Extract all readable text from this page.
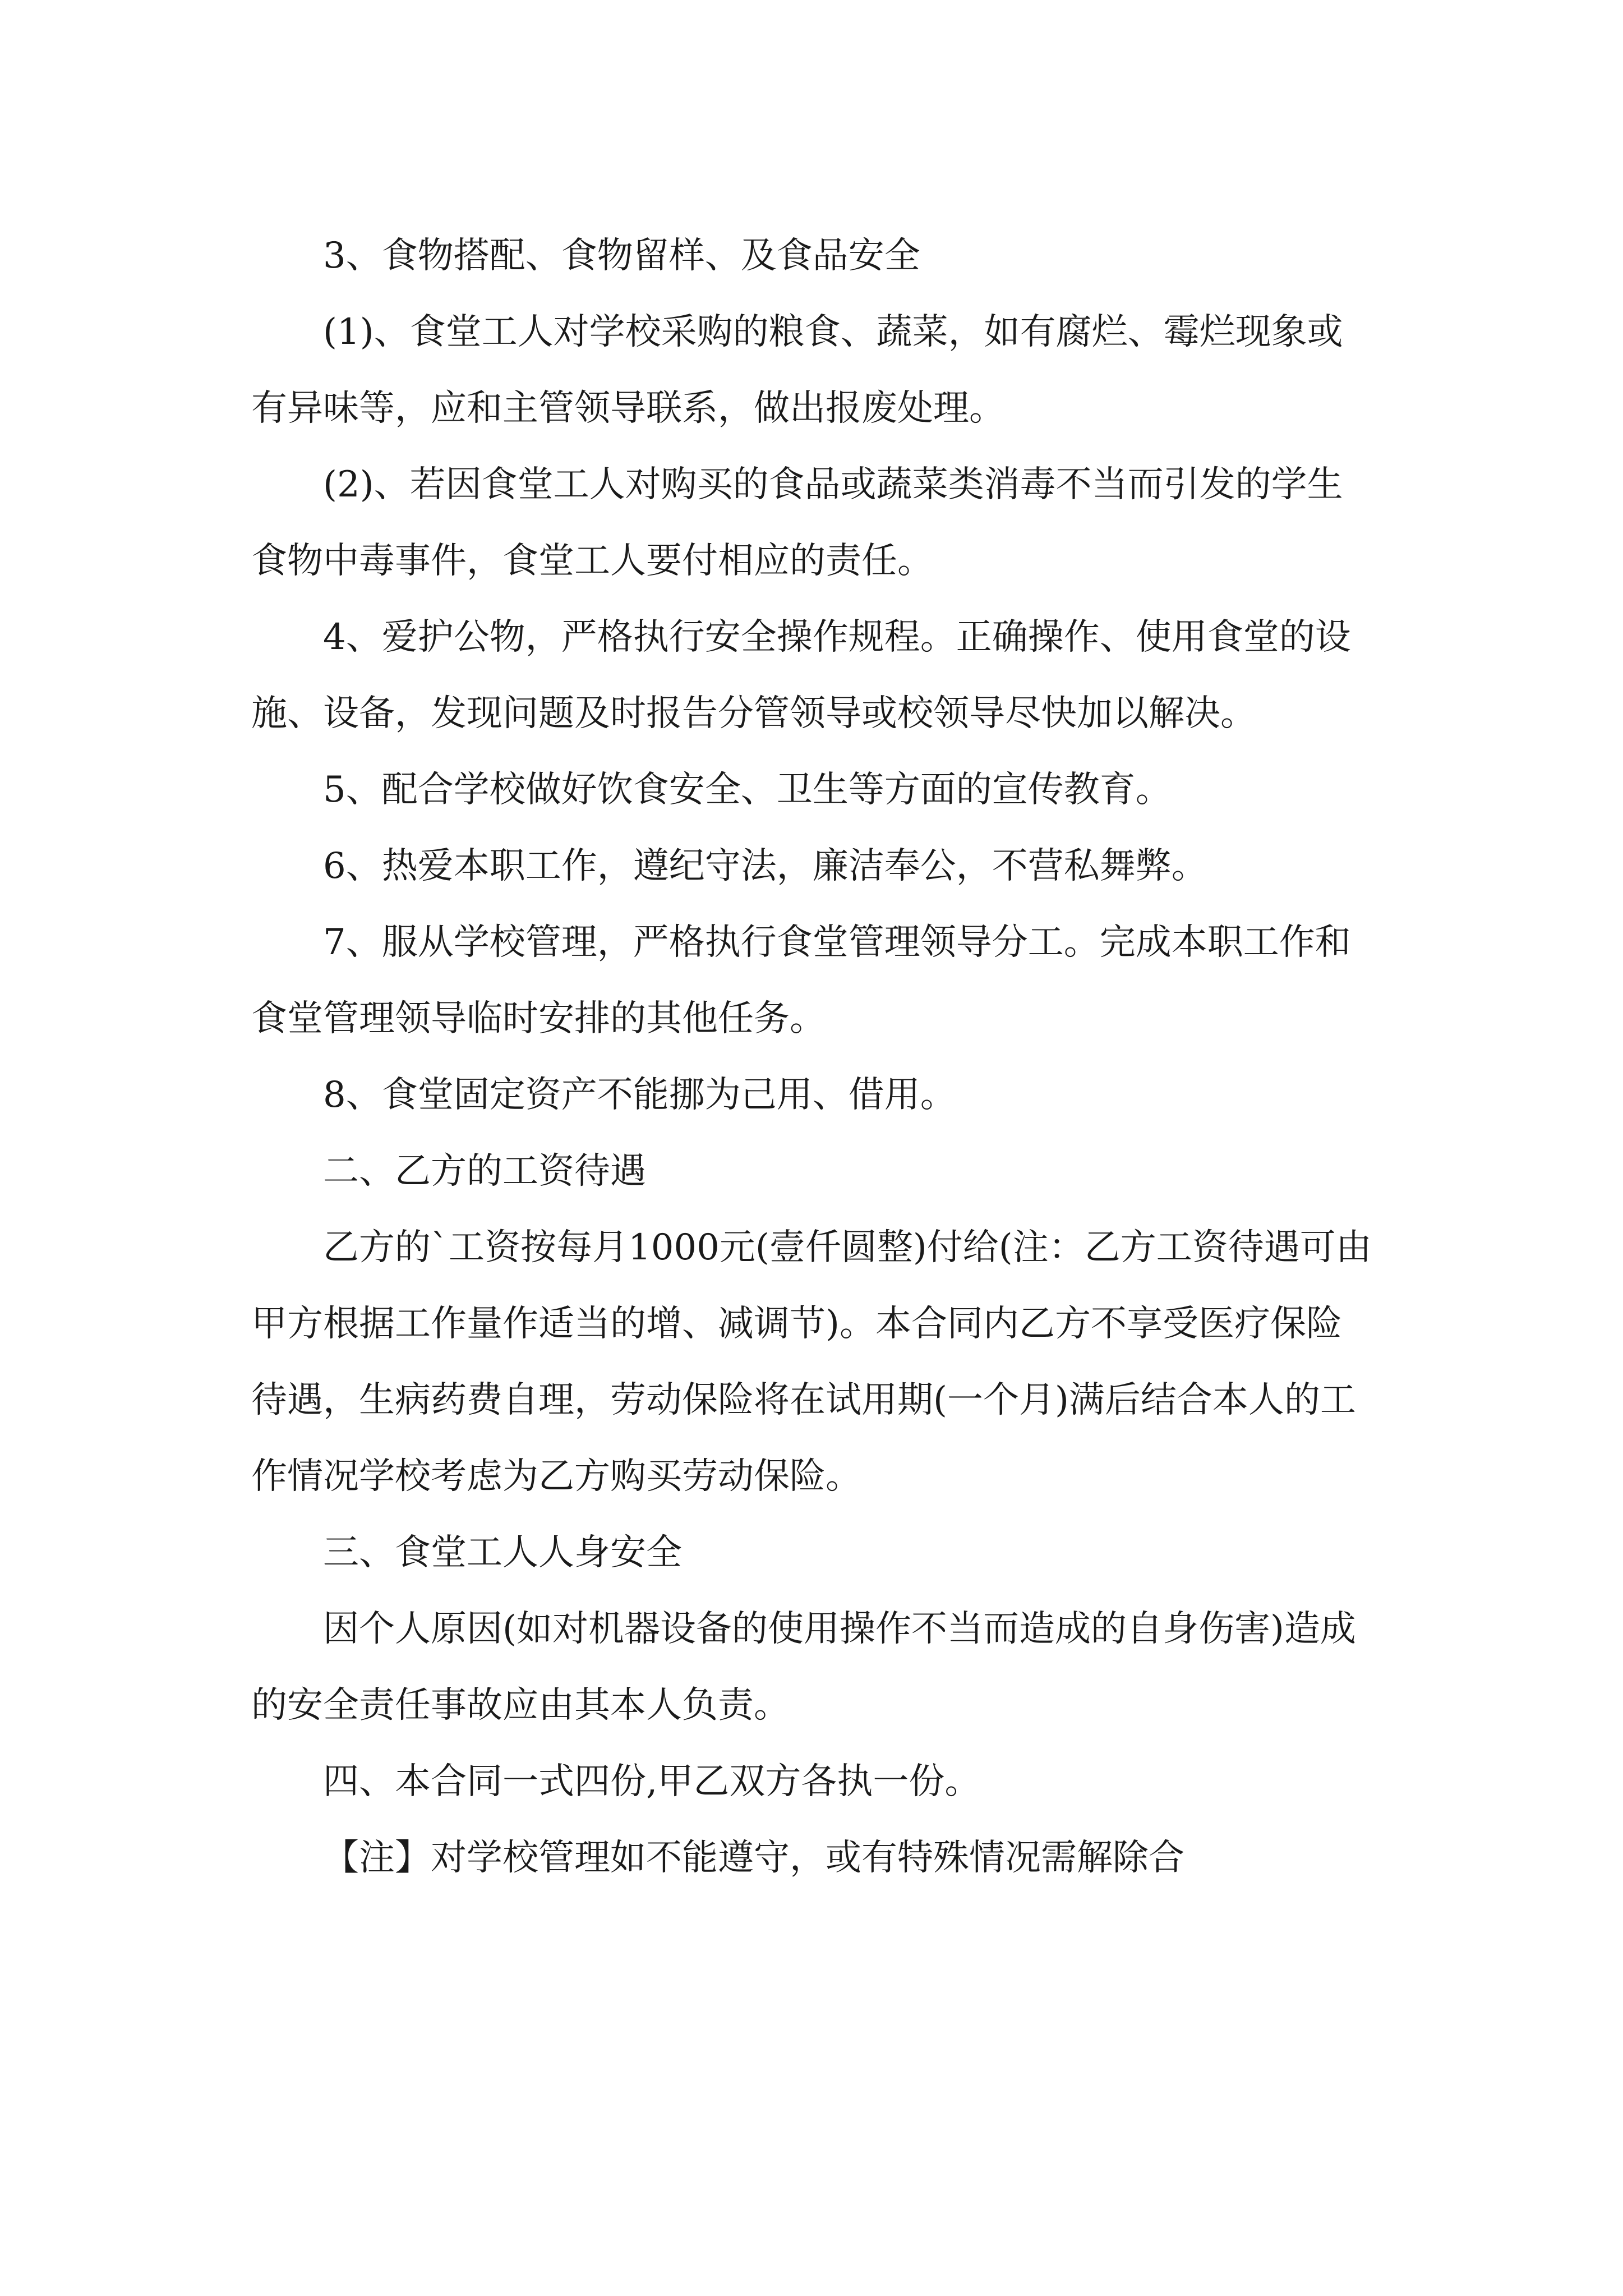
3、食物搭配、食物留样、及食品安全

(1)、食堂工人对学校采购的粮食、蔬菜，如有腐烂、霉烂现象或有异味等，应和主管领导联系，做出报废处理。

(2)、若因食堂工人对购买的食品或蔬菜类消毒不当而引发的学生食物中毒事件，食堂工人要付相应的责任。

4、爱护公物，严格执行安全操作规程。正确操作、使用食堂的设施、设备，发现问题及时报告分管领导或校领导尽快加以解决。

5、配合学校做好饮食安全、卫生等方面的宣传教育。

6、热爱本职工作，遵纪守法，廉洁奉公，不营私舞弊。

7、服从学校管理，严格执行食堂管理领导分工。完成本职工作和食堂管理领导临时安排的其他任务。

8、食堂固定资产不能挪为己用、借用。

二、乙方的工资待遇

乙方的`工资按每月1000元(壹仟圆整)付给(注：乙方工资待遇可由甲方根据工作量作适当的增、减调节)。本合同内乙方不享受医疗保险待遇，生病药费自理，劳动保险将在试用期(一个月)满后结合本人的工作情况学校考虑为乙方购买劳动保险。

三、食堂工人人身安全

因个人原因(如对机器设备的使用操作不当而造成的自身伤害)造成的安全责任事故应由其本人负责。

四、本合同一式四份,甲乙双方各执一份。

【注】对学校管理如不能遵守，或有特殊情况需解除合
